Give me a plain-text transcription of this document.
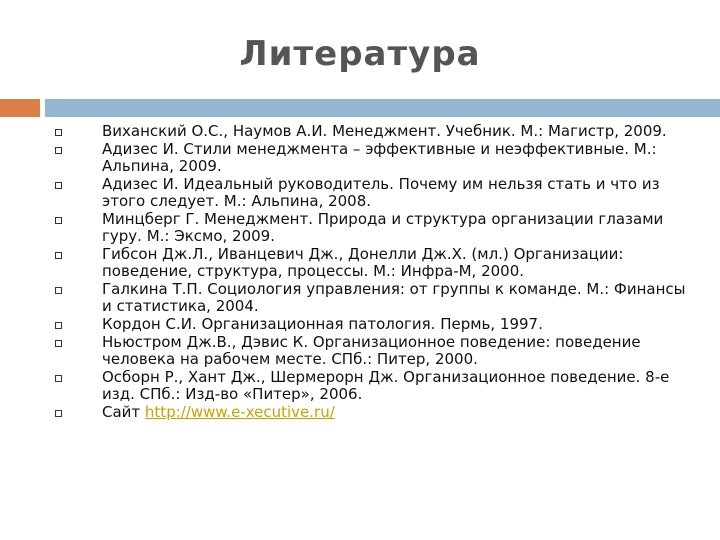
Литература
Виханский О.С., Наумов А.И. Менеджмент. Учебник. М.: Магистр, 2009.
Адизес И. Стили менеджмента – эффективные и неэффективные. М.: Альпина, 2009.
Адизес И. Идеальный руководитель. Почему им нельзя стать и что из этого следует. М.: Альпина, 2008.
Минцберг Г. Менеджмент. Природа и структура организации глазами гуру. М.: Эксмо, 2009.
Гибсон Дж.Л., Иванцевич Дж., Донелли Дж.Х. (мл.) Организации: поведение, структура, процессы. М.: Инфра-М, 2000.
Галкина Т.П. Социология управления: от группы к команде. М.: Финансы и статистика, 2004.
Кордон С.И. Организационная патология. Пермь, 1997.
Ньюстром Дж.В., Дэвис К. Организационное поведение: поведение человека на рабочем месте. СПб.: Питер, 2000.
Осборн Р., Хант Дж., Шермерорн Дж. Организационное поведение. 8-е изд. СПб.: Изд-во «Питер», 2006.
Сайт http://www.e-xecutive.ru/
